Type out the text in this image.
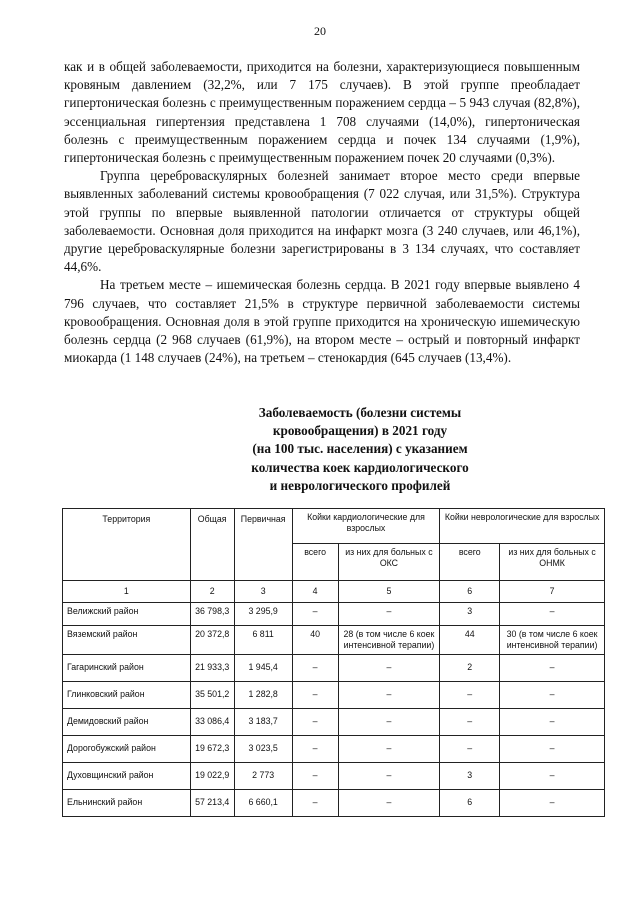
20

как и в общей заболеваемости, приходится на болезни, характеризующиеся повышенным кровяным давлением (32,2%, или 7 175 случаев). В этой группе преобладает гипертоническая болезнь с преимущественным поражением сердца – 5 943 случая (82,8%), эссенциальная гипертензия представлена 1 708 случаями (14,0%), гипертоническая болезнь с преимущественным поражением сердца и почек 134 случаями (1,9%), гипертоническая болезнь с преимущественным поражением почек 20 случаями (0,3%).

Группа цереброваскулярных болезней занимает второе место среди впервые выявленных заболеваний системы кровообращения (7 022 случая, или 31,5%). Структура этой группы по впервые выявленной патологии отличается от структуры общей заболеваемости. Основная доля приходится на инфаркт мозга (3 240 случаев, или 46,1%), другие цереброваскулярные болезни зарегистрированы в 3 134 случаях, что составляет 44,6%.

На третьем месте – ишемическая болезнь сердца. В 2021 году впервые выявлено 4 796 случаев, что составляет 21,5% в структуре первичной заболеваемости системы кровообращения. Основная доля в этой группе приходится на хроническую ишемическую болезнь сердца (2 968 случаев (61,9%), на втором месте – острый и повторный инфаркт миокарда (1 148 случаев (24%), на третьем – стенокардия (645 случаев (13,4%).

Заболеваемость (болезни системы
кровообращения) в 2021 году
(на 100 тыс. населения) с указанием
количества коек кардиологического
и неврологического профилей
Территория	Общая	Первичная	Койки кардиологические для взрослых		Койки неврологические для взрослых	
			всего	из них для больных с ОКС	всего	из них для больных с ОНМК
1	2	3	4	5	6	7
Велижский район	36 798,3	3 295,9	–	–	3	–
Вяземский район	20 372,8	6 811	40	28 (в том числе 6 коек интенсивной терапии)	44	30 (в том числе 6 коек интенсивной терапии)
Гагаринский район	21 933,3	1 945,4	–	–	2	–
Глинковский район	35 501,2	1 282,8	–	–	–	–
Демидовский район	33 086,4	3 183,7	–	–	–	–
Дорогобужский район	19 672,3	3 023,5	–	–	–	–
Духовщинский район	19 022,9	2 773	–	–	3	–
Ельнинский район	57 213,4	6 660,1	–	–	6	–
